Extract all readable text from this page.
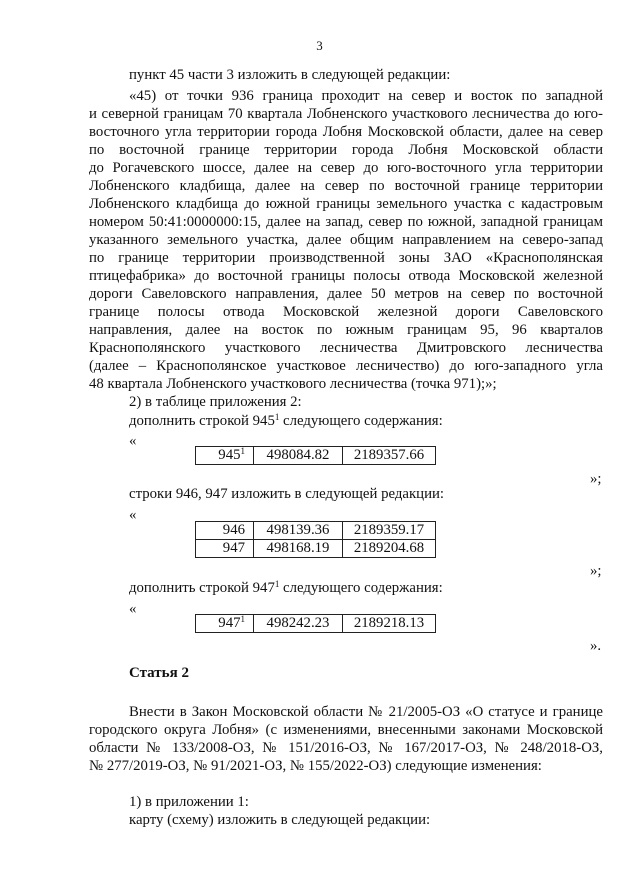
3
пункт 45 части 3 изложить в следующей редакции:
«45) от точки 936 граница проходит на север и восток по западной
и северной границам 70 квартала Лобненского участкового лесничества до юго-
восточного угла территории города Лобня Московской области, далее на север
по восточной границе территории города Лобня Московской области
до Рогачевского шоссе, далее на север до юго-восточного угла территории
Лобненского кладбища, далее на север по восточной границе территории
Лобненского кладбища до южной границы земельного участка с кадастровым
номером 50:41:0000000:15, далее на запад, север по южной, западной границам
указанного земельного участка, далее общим направлением на северо-запад
по границе территории производственной зоны ЗАО «Краснополянская
птицефабрика» до восточной границы полосы отвода Московской железной
дороги Савеловского направления, далее 50 метров на север по восточной
границе полосы отвода Московской железной дороги Савеловского
направления, далее на восток по южным границам 95, 96 кварталов
Краснополянского участкового лесничества Дмитровского лесничества
(далее – Краснополянское участковое лесничество) до юго-западного угла
48 квартала Лобненского участкового лесничества (точка 971);»;
2) в таблице приложения 2:
дополнить строкой $945^1$ следующего содержания:
«
$945^1$	498084.82	2189357.66
»;
строки 946, 947 изложить в следующей редакции:
«
946	498139.36	2189359.17
947	498168.19	2189204.68
»;
дополнить строкой $947^1$ следующего содержания:
«
$947^1$	498242.23	2189218.13
».
Статья 2
Внести в Закон Московской области № 21/2005-ОЗ «О статусе и границе
городского округа Лобня» (с изменениями, внесенными законами Московской
области № 133/2008-ОЗ, № 151/2016-ОЗ, № 167/2017-ОЗ, № 248/2018-ОЗ,
№ 277/2019-ОЗ, № 91/2021-ОЗ, № 155/2022-ОЗ) следующие изменения:
1) в приложении 1:
карту (схему) изложить в следующей редакции:
